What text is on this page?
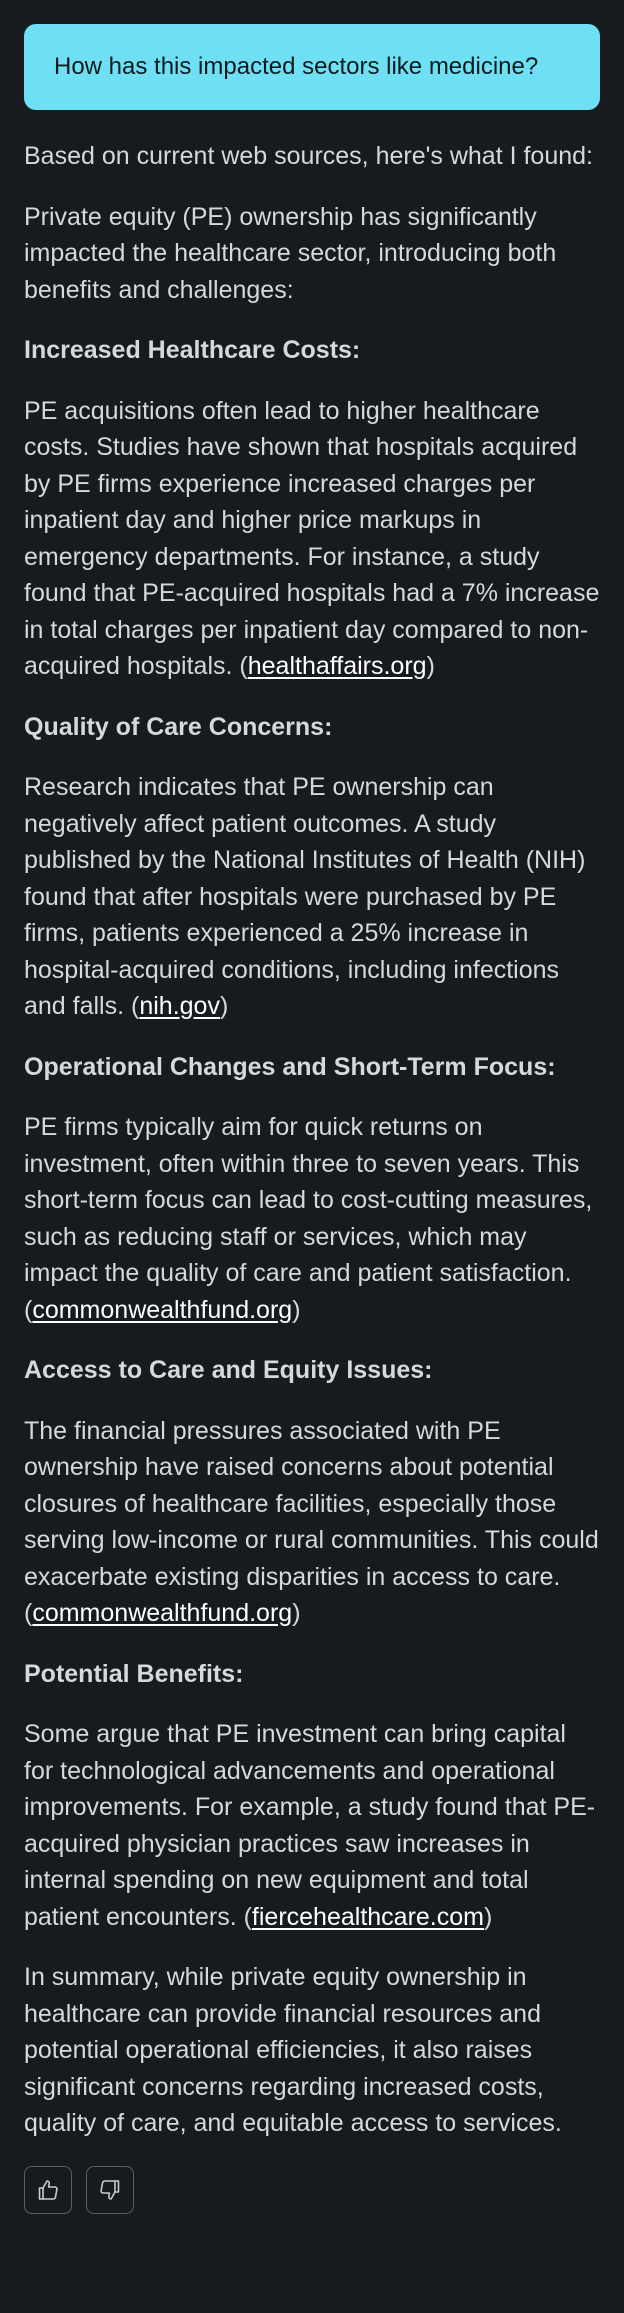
How has this impacted sectors like medicine?

Based on current web sources, here's what I found:

Private equity (PE) ownership has significantly impacted the healthcare sector, introducing both benefits and challenges:

Increased Healthcare Costs:

PE acquisitions often lead to higher healthcare costs. Studies have shown that hospitals acquired by PE firms experience increased charges per inpatient day and higher price markups in emergency departments. For instance, a study found that PE-acquired hospitals had a 7% increase in total charges per inpatient day compared to non-acquired hospitals. (healthaffairs.org)

Quality of Care Concerns:

Research indicates that PE ownership can negatively affect patient outcomes. A study published by the National Institutes of Health (NIH) found that after hospitals were purchased by PE firms, patients experienced a 25% increase in hospital-acquired conditions, including infections and falls. (nih.gov)

Operational Changes and Short-Term Focus:

PE firms typically aim for quick returns on investment, often within three to seven years. This short-term focus can lead to cost-cutting measures, such as reducing staff or services, which may impact the quality of care and patient satisfaction. (commonwealthfund.org)

Access to Care and Equity Issues:

The financial pressures associated with PE ownership have raised concerns about potential closures of healthcare facilities, especially those serving low-income or rural communities. This could exacerbate existing disparities in access to care. (commonwealthfund.org)

Potential Benefits:

Some argue that PE investment can bring capital for technological advancements and operational improvements. For example, a study found that PE-acquired physician practices saw increases in internal spending on new equipment and total patient encounters. (fiercehealthcare.com)

In summary, while private equity ownership in healthcare can provide financial resources and potential operational efficiencies, it also raises significant concerns regarding increased costs, quality of care, and equitable access to services.
